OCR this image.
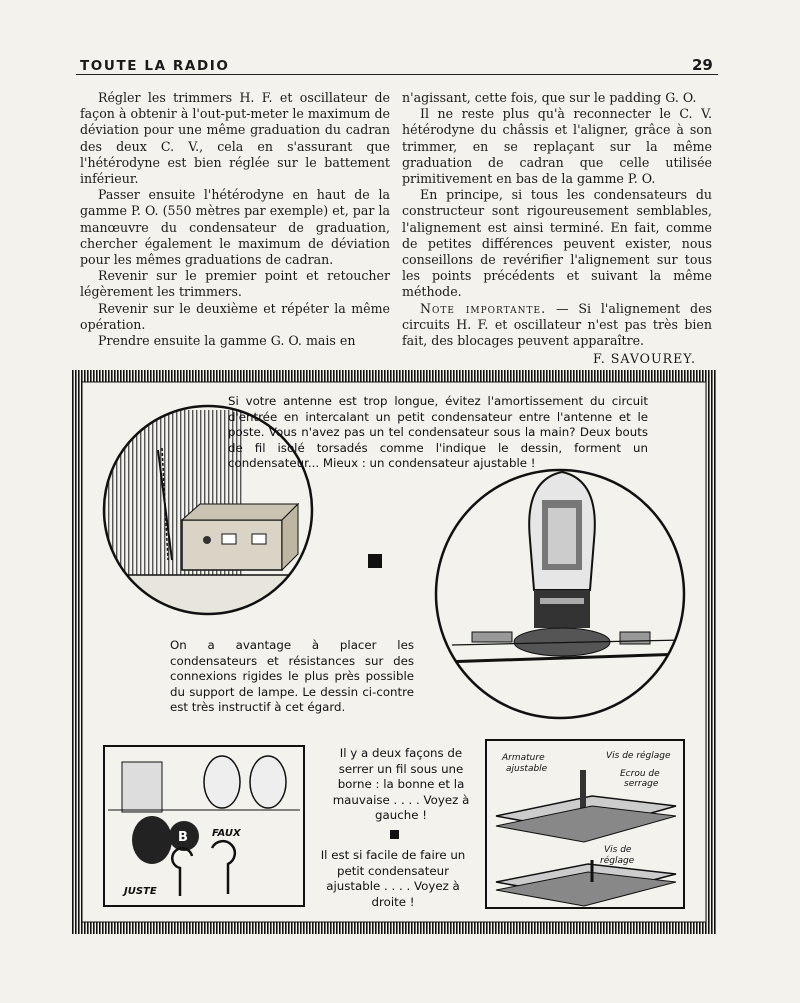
TOUTE LA RADIO	29

Régler les trimmers H. F. et oscillateur de façon à obtenir à l'out-put-meter le maximum de déviation pour une même graduation du cadran des deux C. V., cela en s'assurant que l'hétérodyne est bien réglée sur le battement inférieur.

Passer ensuite l'hétérodyne en haut de la gamme P. O. (550 mètres par exemple) et, par la manœuvre du condensateur de graduation, chercher également le maximum de déviation pour les mêmes graduations de cadran.

Revenir sur le premier point et retoucher légèrement les trimmers.

Revenir sur le deuxième et répéter la même opération.

Prendre ensuite la gamme G. O. mais en

n'agissant, cette fois, que sur le padding G. O.

Il ne reste plus qu'à reconnecter le C. V. hétérodyne du châssis et l'aligner, grâce à son trimmer, en se replaçant sur la même graduation de cadran que celle utilisée primitivement en bas de la gamme P. O.

En principe, si tous les condensateurs du constructeur sont rigoureusement semblables, l'alignement est ainsi terminé. En fait, comme de petites différences peuvent exister, nous conseillons de revérifier l'alignement sur tous les points précédents et suivant la même méthode.

Note importante. — Si l'alignement des circuits H. F. et oscillateur n'est pas très bien fait, des blocages peuvent apparaître.

F. SAVOUREY.
B
+
FAUX
JUSTE
Armature
ajustable
Vis de réglage
Ecrou de
serrage
Vis de
réglage
Si votre antenne est trop longue, évitez l'amortissement du circuit d'entrée en intercalant un petit condensateur entre l'antenne et le poste. Vous n'avez pas un tel condensateur sous la main? Deux bouts de fil isolé torsadés comme l'indique le dessin, forment un condensateur... Mieux : un condensateur ajustable !
On a avantage à placer les condensateurs et résistances sur des connexions rigides le plus près possible du support de lampe. Le dessin ci-contre est très instructif à cet égard.
Il y a deux façons de serrer un fil sous une borne : la bonne et la mauvaise . . . . Voyez à gauche !
Il est si facile de faire un petit condensateur ajustable . . . . Voyez à droite !
